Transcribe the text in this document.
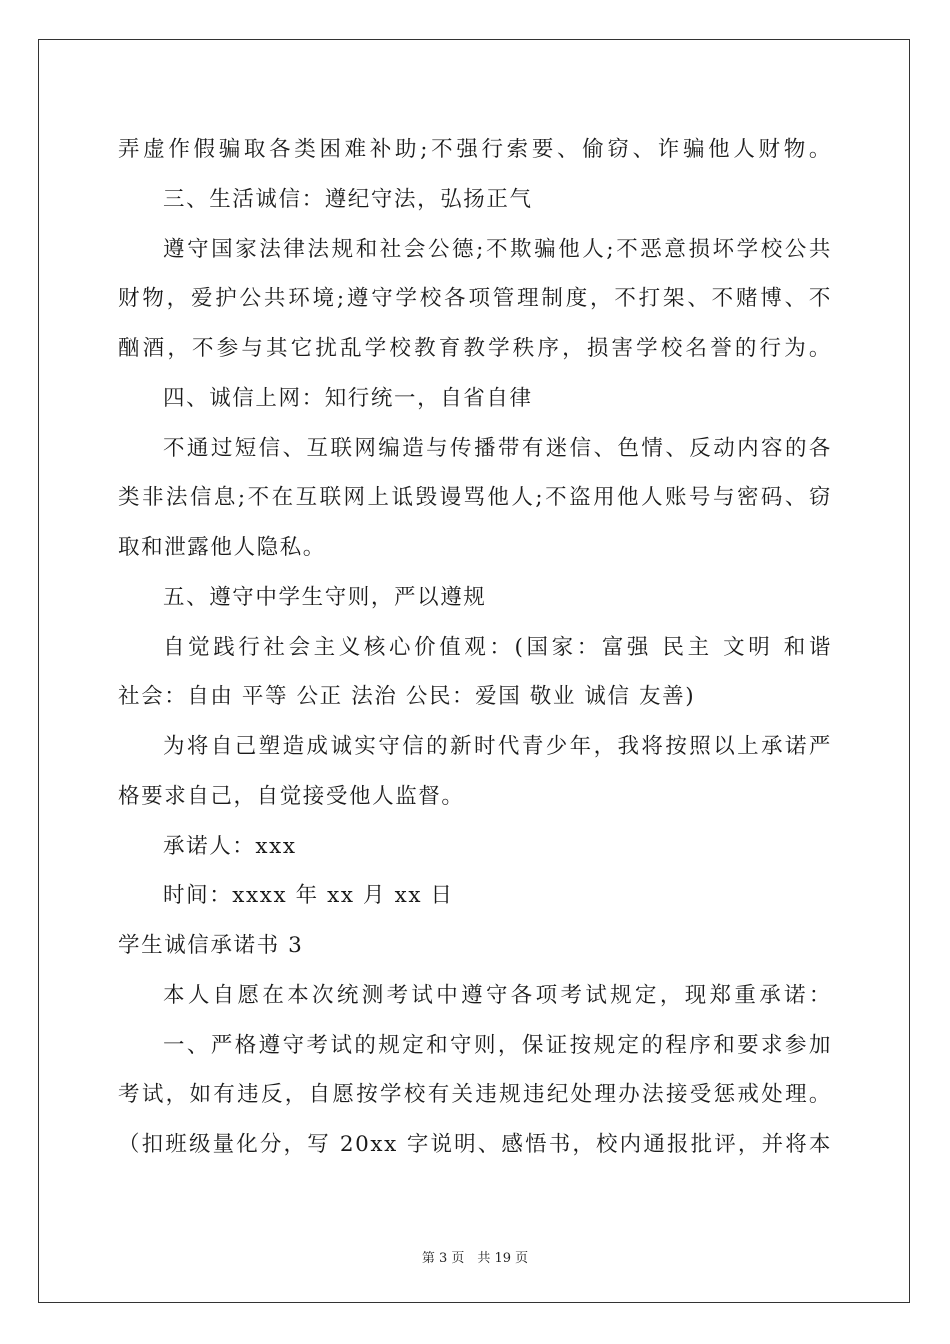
弄虚作假骗取各类困难补助;不强行索要、偷窃、诈骗他人财物。
三、生活诚信：遵纪守法，弘扬正气
遵守国家法律法规和社会公德;不欺骗他人;不恶意损坏学校公共
财物，爱护公共环境;遵守学校各项管理制度，不打架、不赌博、不
酗酒，不参与其它扰乱学校教育教学秩序，损害学校名誉的行为。
四、诚信上网：知行统一，自省自律
不通过短信、互联网编造与传播带有迷信、色情、反动内容的各
类非法信息;不在互联网上诋毁谩骂他人;不盗用他人账号与密码、窃
取和泄露他人隐私。
五、遵守中学生守则，严以遵规
自觉践行社会主义核心价值观：(国家：富强 民主 文明 和谐
社会：自由 平等 公正 法治 公民：爱国 敬业 诚信 友善)
为将自己塑造成诚实守信的新时代青少年，我将按照以上承诺严
格要求自己，自觉接受他人监督。
承诺人：xxx
时间：xxxx 年 xx 月 xx 日
学生诚信承诺书 3
本人自愿在本次统测考试中遵守各项考试规定，现郑重承诺：
一、严格遵守考试的规定和守则，保证按规定的程序和要求参加
考试，如有违反，自愿按学校有关违规违纪处理办法接受惩戒处理。
（扣班级量化分，写 20xx 字说明、感悟书，校内通报批评，并将本
第 3 页　共 19 页
